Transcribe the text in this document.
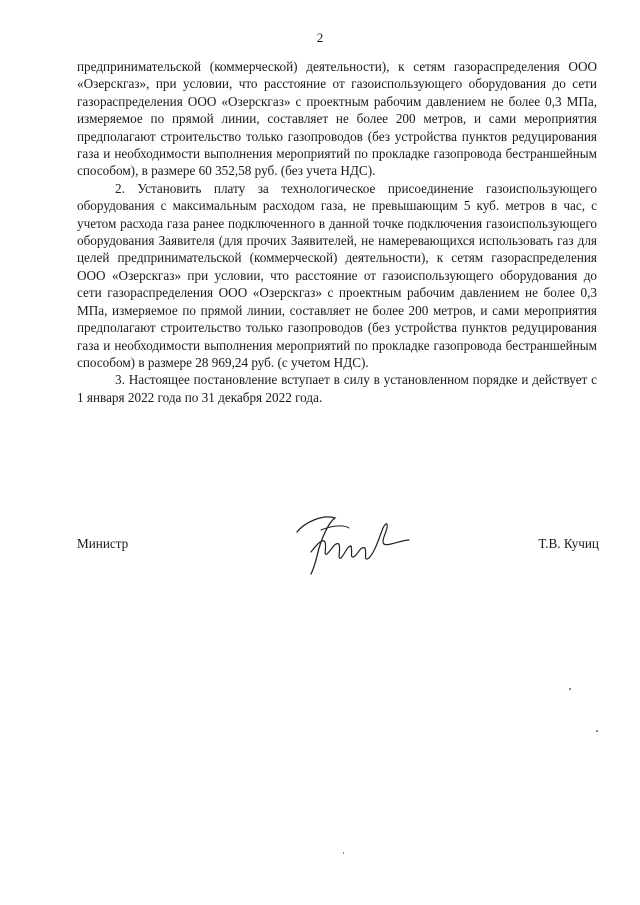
2

предпринимательской (коммерческой) деятельности), к сетям газораспределения ООО «Озерскгаз», при условии, что расстояние от газоиспользующего оборудования до сети газораспределения ООО «Озерскгаз» с проектным рабочим давлением не более 0,3 МПа, измеряемое по прямой линии, составляет не более 200 метров, и сами мероприятия предполагают строительство только газопроводов (без устройства пунктов редуцирования газа и необходимости выполнения мероприятий по прокладке газопровода бестраншейным способом), в размере 60 352,58 руб. (без учета НДС).

2. Установить плату за технологическое присоединение газоиспользующего оборудования с максимальным расходом газа, не превышающим 5 куб. метров в час, с учетом расхода газа ранее подключенного в данной точке подключения газоиспользующего оборудования Заявителя (для прочих Заявителей, не намеревающихся использовать газ для целей предпринимательской (коммерческой) деятельности), к сетям газораспределения ООО «Озерскгаз» при условии, что расстояние от газоиспользующего оборудования до сети газораспределения ООО «Озерскгаз» с проектным рабочим давлением не более 0,3 МПа, измеряемое по прямой линии, составляет не более 200 метров, и сами мероприятия предполагают строительство только газопроводов (без устройства пунктов редуцирования газа и необходимости выполнения мероприятий по прокладке газопровода бестраншейным способом) в размере 28 969,24 руб. (с учетом НДС).

3. Настоящее постановление вступает в силу в установленном порядке и действует с 1 января 2022 года по 31 декабря 2022 года.

Министр	Т.В. Кучиц
